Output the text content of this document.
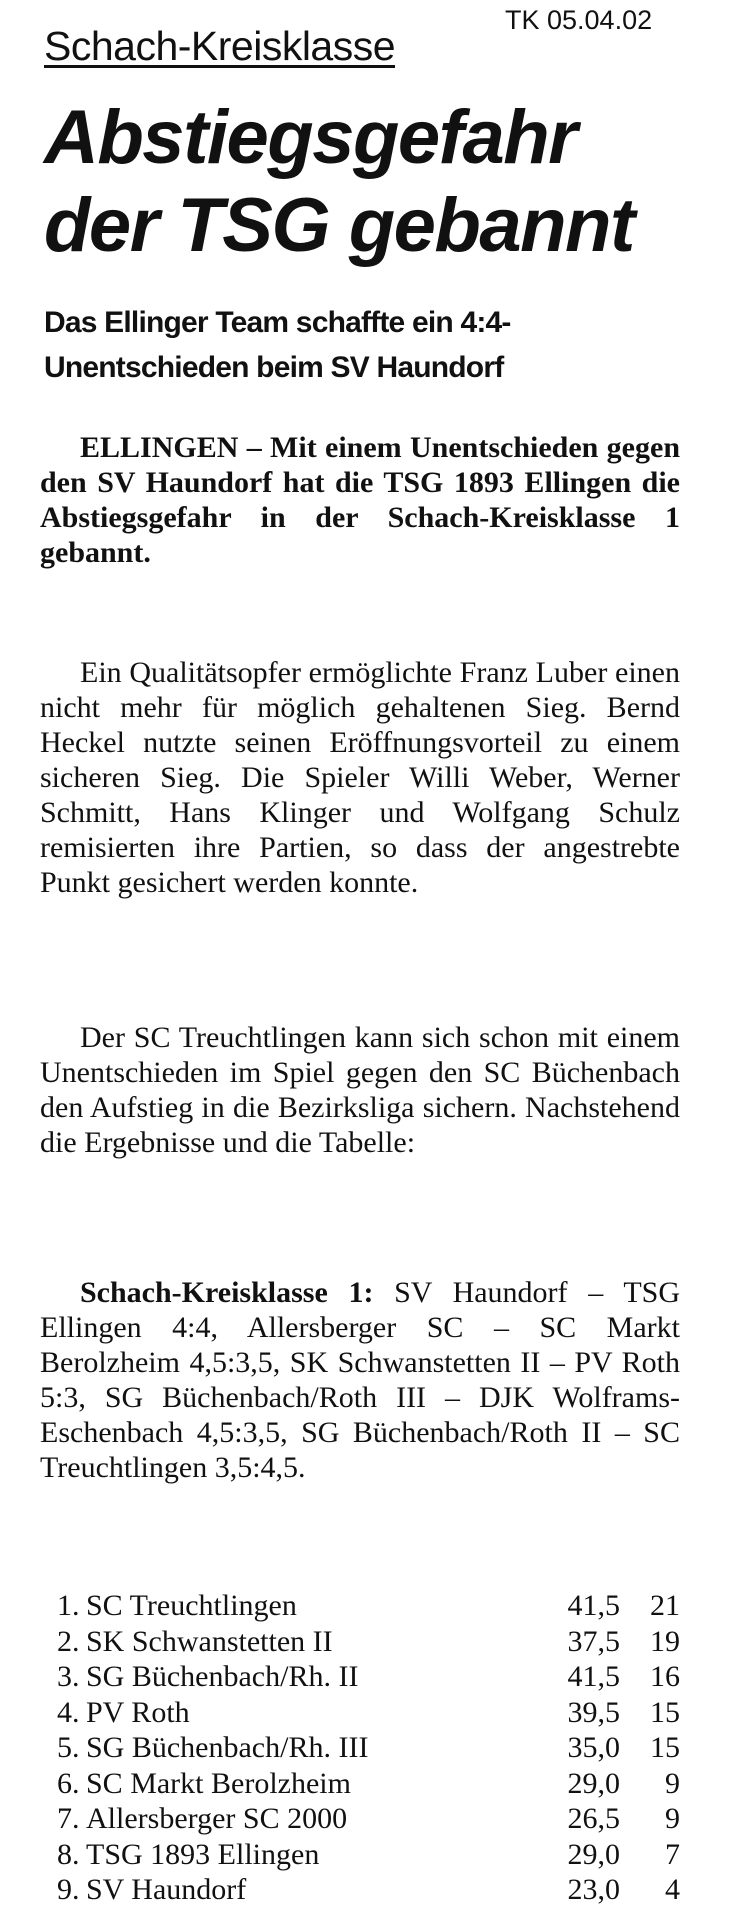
Schach-Kreisklasse
TK 05.04.02
Abstiegsgefahr
der TSG gebannt
Das Ellinger Team schaffte ein 4:4-
Unentschieden beim SV Haundorf

ELLINGEN – Mit einem Unentschieden gegen den SV Haundorf hat die TSG 1893 Ellingen die Abstiegsgefahr in der Schach-Kreisklasse 1 gebannt.

Ein Qualitätsopfer ermöglichte Franz Luber einen nicht mehr für möglich gehaltenen Sieg. Bernd Heckel nutzte seinen Eröffnungsvorteil zu einem sicheren Sieg. Die Spieler Willi Weber, Werner Schmitt, Hans Klinger und Wolfgang Schulz remisierten ihre Partien, so dass der angestrebte Punkt gesichert werden konnte.

Der SC Treuchtlingen kann sich schon mit einem Unentschieden im Spiel gegen den SC Büchenbach den Aufstieg in die Bezirksliga sichern. Nachstehend die Ergebnisse und die Tabelle:

Schach-Kreisklasse 1: SV Haundorf – TSG Ellingen 4:4, Allersberger SC – SC Markt Berolzheim 4,5:3,5, SK Schwanstetten II – PV Roth 5:3, SG Büchenbach/Roth III – DJK Wolframs-Eschenbach 4,5:3,5, SG Büchenbach/Roth II – SC Treuchtlingen 3,5:4,5.

1. SC Treuchtlingen	41,5	21
2. SK Schwanstetten II	37,5	19
3. SG Büchenbach/Rh. II	41,5	16
4. PV Roth	39,5	15
5. SG Büchenbach/Rh. III	35,0	15
6. SC Markt Berolzheim	29,0	9
7. Allersberger SC 2000	26,5	9
8. TSG 1893 Ellingen	29,0	7
9. SV Haundorf	23,0	4
